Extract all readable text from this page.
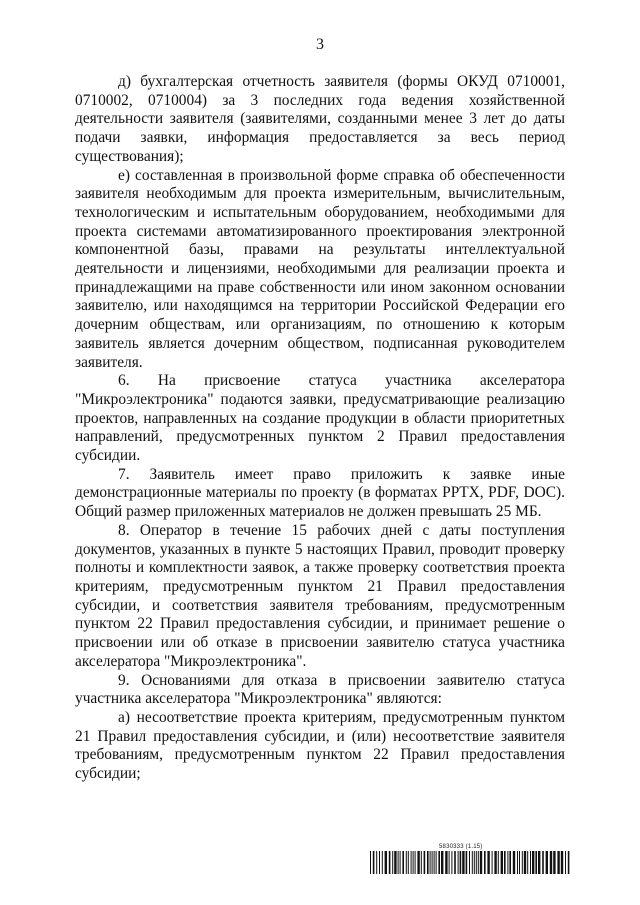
3

д) бухгалтерская отчетность заявителя (формы ОКУД 0710001, 0710002, 0710004) за 3 последних года ведения хозяйственной деятельности заявителя (заявителями, созданными менее 3 лет до даты подачи заявки, информация предоставляется за весь период существования);

е) составленная в произвольной форме справка об обеспеченности заявителя необходимым для проекта измерительным, вычислительным, технологическим и испытательным оборудованием, необходимыми для проекта системами автоматизированного проектирования электронной компонентной базы, правами на результаты интеллектуальной деятельности и лицензиями, необходимыми для реализации проекта и принадлежащими на праве собственности или ином законном основании заявителю, или находящимся на территории Российской Федерации его дочерним обществам, или организациям, по отношению к которым заявитель является дочерним обществом, подписанная руководителем заявителя.

6. На присвоение статуса участника акселератора "Микроэлектроника" подаются заявки, предусматривающие реализацию проектов, направленных на создание продукции в области приоритетных направлений, предусмотренных пунктом 2 Правил предоставления субсидии.

7. Заявитель имеет право приложить к заявке иные демонстрационные материалы по проекту (в форматах PPTX, PDF, DOC). Общий размер приложенных материалов не должен превышать 25 МБ.

8. Оператор в течение 15 рабочих дней с даты поступления документов, указанных в пункте 5 настоящих Правил, проводит проверку полноты и комплектности заявок, а также проверку соответствия проекта критериям, предусмотренным пунктом 21 Правил предоставления субсидии, и соответствия заявителя требованиям, предусмотренным пунктом 22 Правил предоставления субсидии, и принимает решение о присвоении или об отказе в присвоении заявителю статуса участника акселератора "Микроэлектроника".

9. Основаниями для отказа в присвоении заявителю статуса участника акселератора "Микроэлектроника" являются:

а) несоответствие проекта критериям, предусмотренным пунктом 21 Правил предоставления субсидии, и (или) несоответствие заявителя требованиям, предусмотренным пунктом 22 Правил предоставления субсидии;

5830333 (1.15)
